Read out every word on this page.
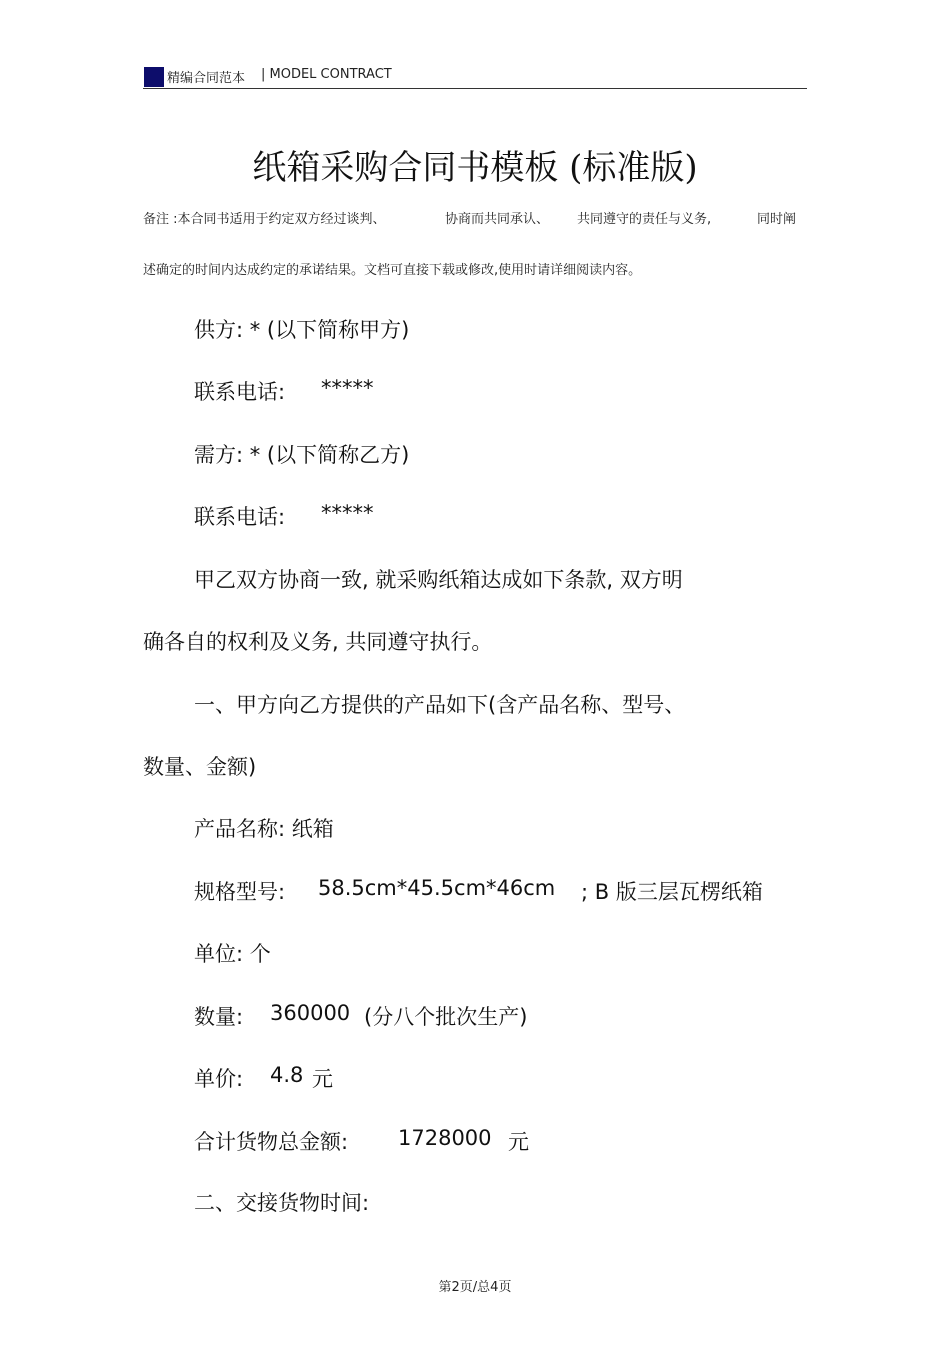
精编合同范本 | MODEL CONTRACT
纸箱采购合同书模板 (标准版)
备注 :本合同书适用于约定双方经过谈判、	协商而共同承认、 共同遵守的责任与义务,	同时阐
述确定的时间内达成约定的承诺结果。文档可直接下载或修改,使用时请详细阅读内容。
供方: * (以下简称甲方)
联系电话: *****
需方: * (以下简称乙方)
联系电话: *****
甲乙双方协商一致, 就采购纸箱达成如下条款, 双方明
确各自的权利及义务, 共同遵守执行。
一、甲方向乙方提供的产品如下(含产品名称、型号、
数量、金额)
产品名称: 纸箱
规格型号: 58.5cm*45.5cm*46cm ; B 版三层瓦楞纸箱
单位: 个
数量: 360000 (分八个批次生产)
单价: 4.8 元
合计货物总金额: 1728000 元
二、交接货物时间:
第2页/总4页
